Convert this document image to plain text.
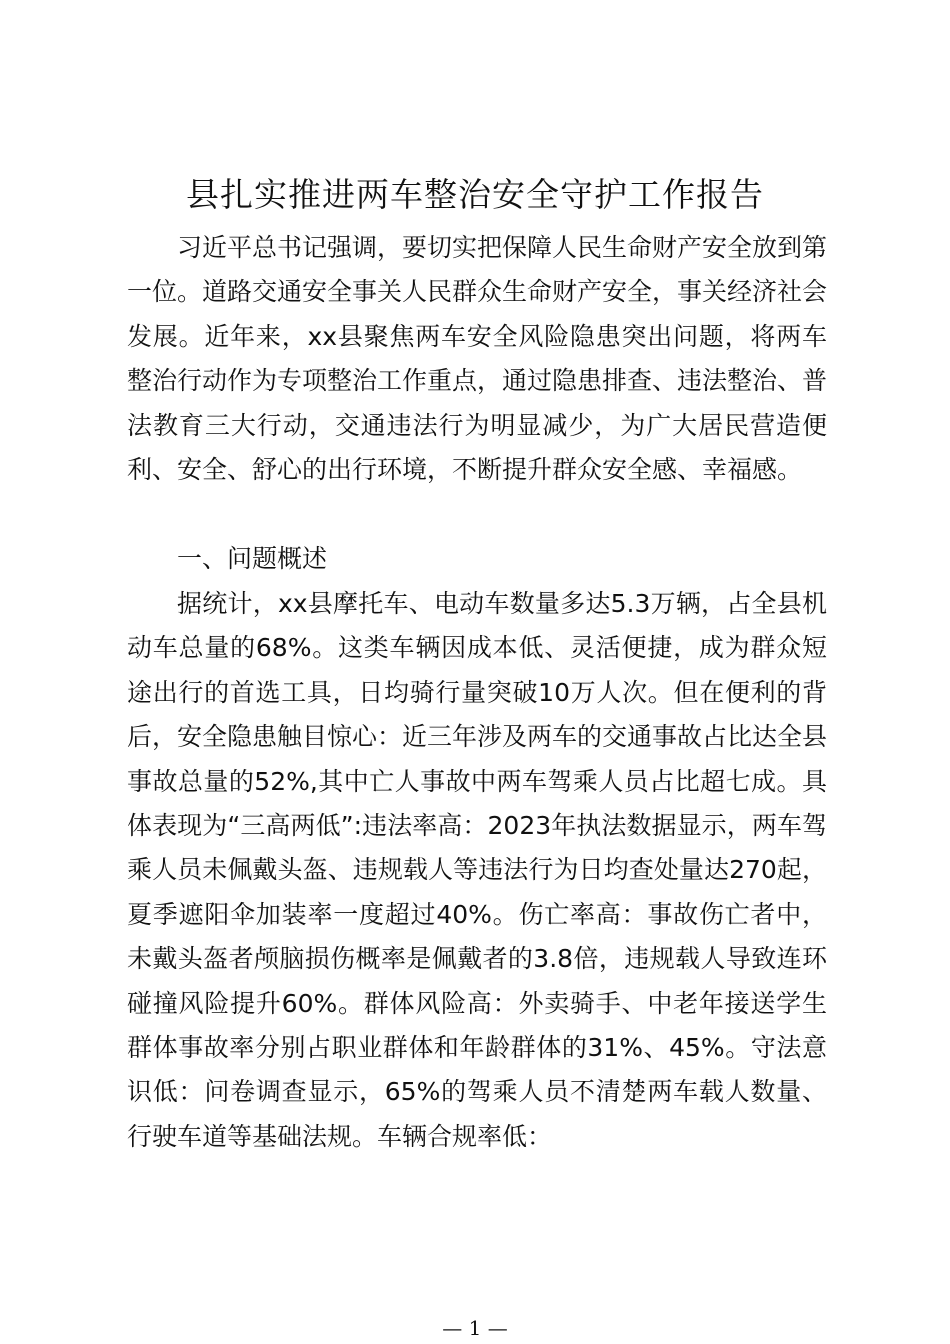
县扎实推进两车整治安全守护工作报告

习近平总书记强调，要切实把保障人民生命财产安全放到第一位。道路交通安全事关人民群众生命财产安全，事关经济社会发展。近年来，xx县聚焦两车安全风险隐患突出问题，将两车整治行动作为专项整治工作重点，通过隐患排查、违法整治、普法教育三大行动，交通违法行为明显减少，为广大居民营造便利、安全、舒心的出行环境，不断提升群众安全感、幸福感。

一、问题概述

据统计，xx县摩托车、电动车数量多达5.3万辆，占全县机动车总量的68%。这类车辆因成本低、灵活便捷，成为群众短途出行的首选工具，日均骑行量突破10万人次。但在便利的背后，安全隐患触目惊心：近三年涉及两车的交通事故占比达全县事故总量的52%,其中亡人事故中两车驾乘人员占比超七成。具体表现为“三高两低”:违法率高：2023年执法数据显示，两车驾乘人员未佩戴头盔、违规载人等违法行为日均查处量达270起，夏季遮阳伞加装率一度超过40%。伤亡率高：事故伤亡者中，未戴头盔者颅脑损伤概率是佩戴者的3.8倍，违规载人导致连环碰撞风险提升60%。群体风险高：外卖骑手、中老年接送学生群体事故率分别占职业群体和年龄群体的31%、45%。守法意识低：问卷调查显示，65%的驾乘人员不清楚两车载人数量、行驶车道等基础法规。车辆合规率低：

— 1 —
